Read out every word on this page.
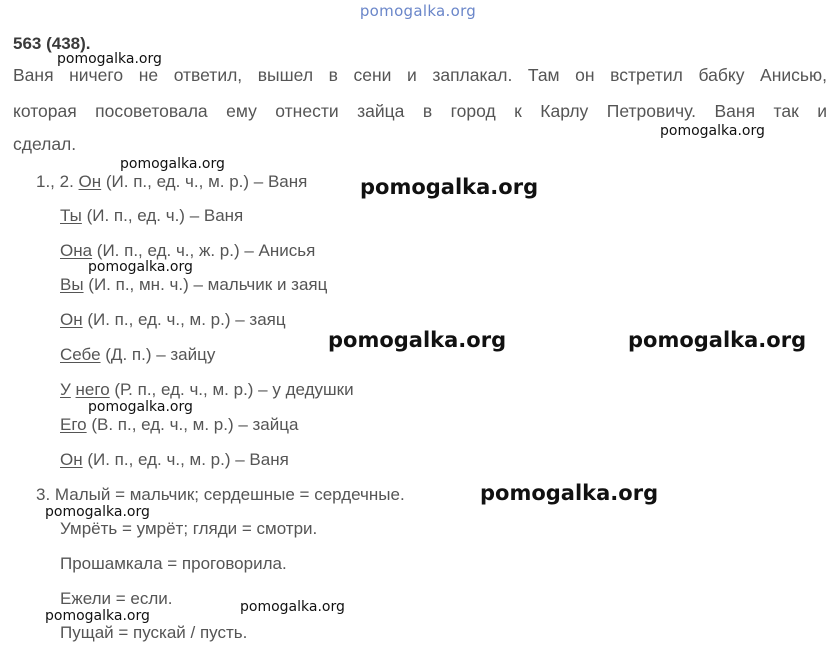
pomogalka.org
563 (438).
Ваня ничего не ответил, вышел в сени и заплакал. Там он встретил бабку Анисью,
которая посоветовала ему отнести зайца в город к Карлу Петровичу. Ваня так и
сделал.
1., 2. Он (И. п., ед. ч., м. р.) – Ваня
Ты (И. п., ед. ч.) – Ваня
Она (И. п., ед. ч., ж. р.) – Анисья
Вы (И. п., мн. ч.) – мальчик и заяц
Он (И. п., ед. ч., м. р.) – заяц
Себе (Д. п.) – зайцу
У него (Р. п., ед. ч., м. р.) – у дедушки
Его (В. п., ед. ч., м. р.) – зайца
Он (И. п., ед. ч., м. р.) – Ваня
3. Малый = мальчик; сердешные = сердечные.
Умрёть = умрёт; гляди = смотри.
Прошамкала = проговорила.
Ежели = если.
Пущай = пускай / пусть.
pomogalka.org
pomogalka.org
pomogalka.org
pomogalka.org
pomogalka.org
pomogalka.org	pomogalka.org
pomogalka.org
pomogalka.org
pomogalka.org
pomogalka.org
pomogalka.org
